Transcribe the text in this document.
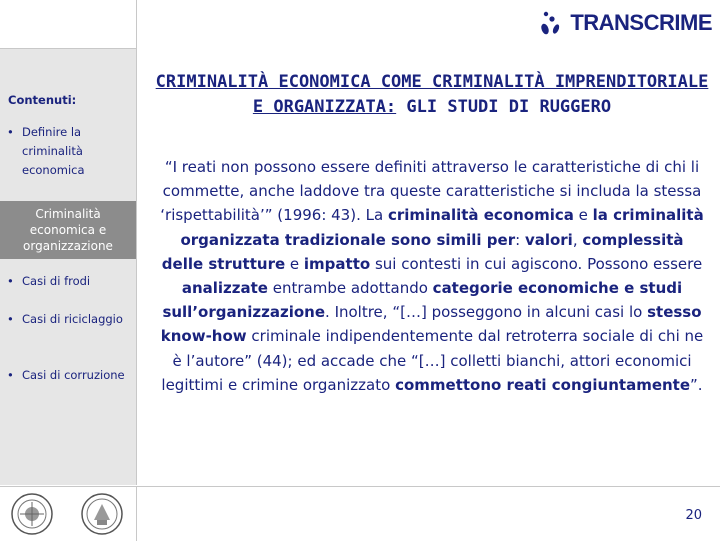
TRANSCRIME
Contenuti:
• Definire la criminalità economica
Criminalità
economica e
organizzazione
• Casi di frodi
• Casi di riciclaggio
• Casi di corruzione
CRIMINALITÀ ECONOMICA COME CRIMINALITÀ IMPRENDITORIALE E ORGANIZZATA: GLI STUDI DI RUGGERO
“I reati non possono essere definiti attraverso le caratteristiche di chi li commette, anche laddove tra queste caratteristiche si includa la stessa ‘rispettabilità’” (1996: 43). La criminalità economica e la criminalità organizzata tradizionale sono simili per: valori, complessità delle strutture e impatto sui contesti in cui agiscono. Possono essere analizzate entrambe adottando categorie economiche e studi sull’organizzazione. Inoltre, “[…] posseggono in alcuni casi lo stesso know-how criminale indipendentemente dal retroterra sociale di chi ne è l’autore” (44); ed accade che “[…] colletti bianchi, attori economici legittimi e crimine organizzato commettono reati congiuntamente”.
20
